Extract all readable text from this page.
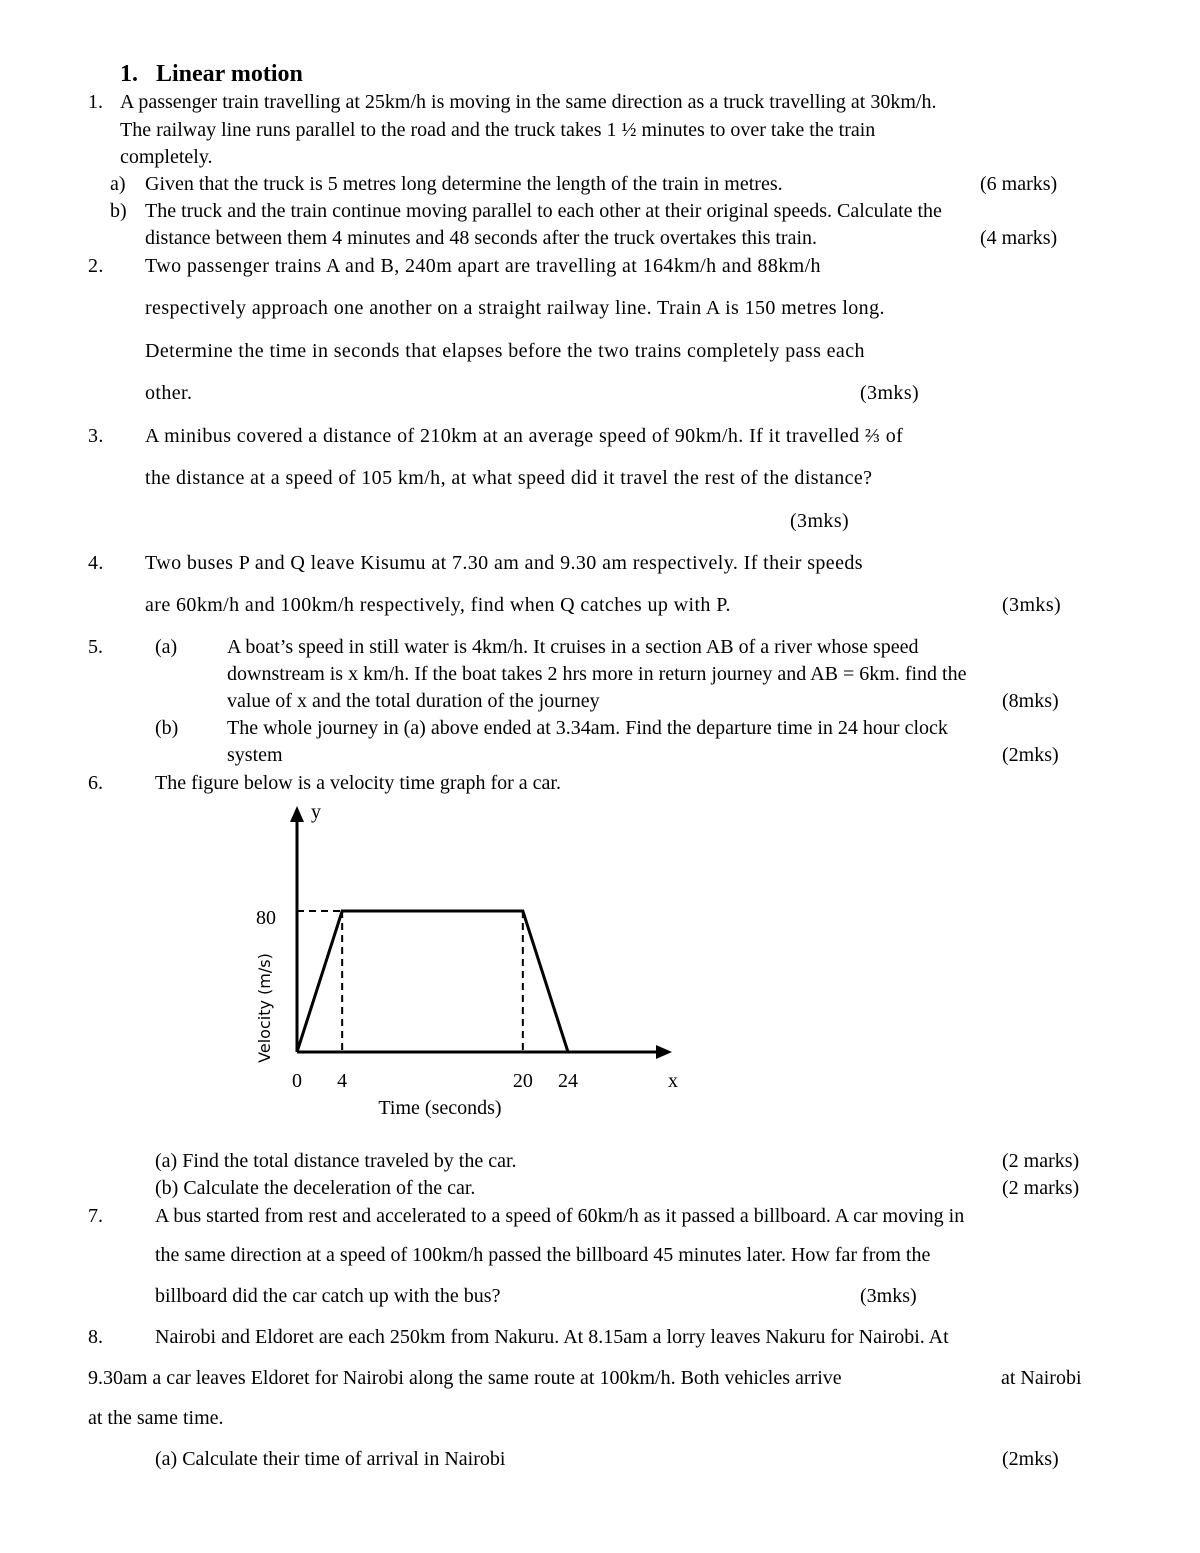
1. Linear motion
1. A passenger train travelling at 25km/h is moving in the same direction as a truck travelling at 30km/h.
The railway line runs parallel to the road and the truck takes 1 ½ minutes to over take the train
completely.
a) Given that the truck is 5 metres long determine the length of the train in metres.	(6 marks)
b) The truck and the train continue moving parallel to each other at their original speeds. Calculate the
distance between them 4 minutes and 48 seconds after the truck overtakes this train.	(4 marks)
2. Two passenger trains A and B, 240m apart are travelling at 164km/h and 88km/h
respectively approach one another on a straight railway line. Train A is 150 metres long.
Determine the time in seconds that elapses before the two trains completely pass each
other.	(3mks)
3. A minibus covered a distance of 210km at an average speed of 90km/h. If it travelled ⅔ of
the distance at a speed of 105 km/h, at what speed did it travel the rest of the distance?
(3mks)
4. Two buses P and Q leave Kisumu at 7.30 am and 9.30 am respectively. If their speeds
are 60km/h and 100km/h respectively, find when Q catches up with P.	(3mks)
5.	(a) A boat’s speed in still water is 4km/h. It cruises in a section AB of a river whose speed
downstream is x km/h. If the boat takes 2 hrs more in return journey and AB = 6km. find the
value of x and the total duration of the journey	(8mks)
(b) The whole journey in (a) above ended at 3.34am. Find the departure time in 24 hour clock
system	(2mks)
6.	The figure below is a velocity time graph for a car.
y
x
80
0 4	20 24
Time (seconds)
Velocity (m/s)
(a) Find the total distance traveled by the car.	(2 marks)
(b) Calculate the deceleration of the car.	(2 marks)
7.	A bus started from rest and accelerated to a speed of 60km/h as it passed a billboard. A car moving in
the same direction at a speed of 100km/h passed the billboard 45 minutes later. How far from the
billboard did the car catch up with the bus?	(3mks)
8.	Nairobi and Eldoret are each 250km from Nakuru. At 8.15am a lorry leaves Nakuru for Nairobi. At
9.30am a car leaves Eldoret for Nairobi along the same route at 100km/h. Both vehicles arrive	at Nairobi
at the same time.
(a) Calculate their time of arrival in Nairobi	(2mks)
